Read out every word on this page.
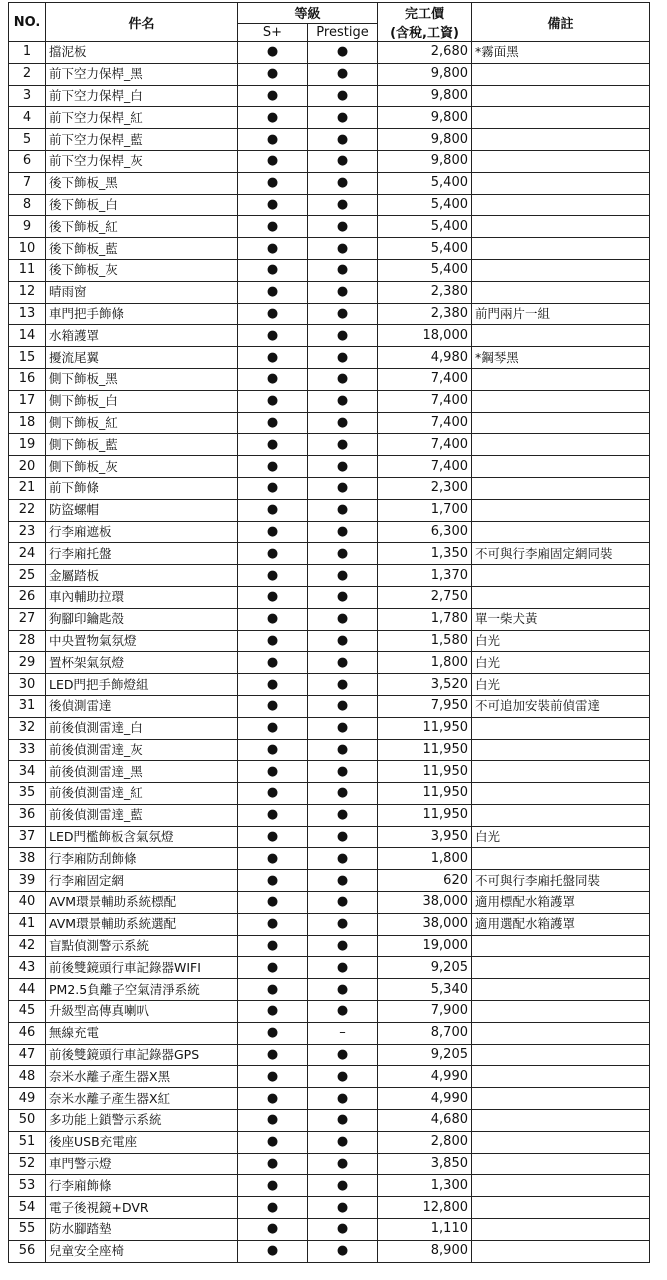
NO.	件名	等級		完工價
(含稅,工資)	備註
		S+	Prestige		
1	擋泥板	●	●	2,680	*霧面黑
2	前下空力保桿_黑	●	●	9,800	
3	前下空力保桿_白	●	●	9,800	
4	前下空力保桿_紅	●	●	9,800	
5	前下空力保桿_藍	●	●	9,800	
6	前下空力保桿_灰	●	●	9,800	
7	後下飾板_黑	●	●	5,400	
8	後下飾板_白	●	●	5,400	
9	後下飾板_紅	●	●	5,400	
10	後下飾板_藍	●	●	5,400	
11	後下飾板_灰	●	●	5,400	
12	晴雨窗	●	●	2,380	
13	車門把手飾條	●	●	2,380	前門兩片一組
14	水箱護罩	●	●	18,000	
15	擾流尾翼	●	●	4,980	*鋼琴黑
16	側下飾板_黑	●	●	7,400	
17	側下飾板_白	●	●	7,400	
18	側下飾板_紅	●	●	7,400	
19	側下飾板_藍	●	●	7,400	
20	側下飾板_灰	●	●	7,400	
21	前下飾條	●	●	2,300	
22	防盜螺帽	●	●	1,700	
23	行李廂遮板	●	●	6,300	
24	行李廂托盤	●	●	1,350	不可與行李廂固定網同裝
25	金屬踏板	●	●	1,370	
26	車內輔助拉環	●	●	2,750	
27	狗腳印鑰匙殼	●	●	1,780	單一柴犬黃
28	中央置物氣氛燈	●	●	1,580	白光
29	置杯架氣氛燈	●	●	1,800	白光
30	LED門把手飾燈組	●	●	3,520	白光
31	後偵測雷達	●	●	7,950	不可追加安裝前偵雷達
32	前後偵測雷達_白	●	●	11,950	
33	前後偵測雷達_灰	●	●	11,950	
34	前後偵測雷達_黑	●	●	11,950	
35	前後偵測雷達_紅	●	●	11,950	
36	前後偵測雷達_藍	●	●	11,950	
37	LED門檻飾板含氣氛燈	●	●	3,950	白光
38	行李廂防刮飾條	●	●	1,800	
39	行李廂固定網	●	●	620	不可與行李廂托盤同裝
40	AVM環景輔助系統標配	●	●	38,000	適用標配水箱護罩
41	AVM環景輔助系統選配	●	●	38,000	適用選配水箱護罩
42	盲點偵測警示系統	●	●	19,000	
43	前後雙鏡頭行車記錄器WIFI	●	●	9,205	
44	PM2.5負離子空氣清淨系統	●	●	5,340	
45	升級型高傳真喇叭	●	●	7,900	
46	無線充電	●	–	8,700	
47	前後雙鏡頭行車記錄器GPS	●	●	9,205	
48	奈米水離子產生器X黑	●	●	4,990	
49	奈米水離子產生器X紅	●	●	4,990	
50	多功能上鎖警示系統	●	●	4,680	
51	後座USB充電座	●	●	2,800	
52	車門警示燈	●	●	3,850	
53	行李廂飾條	●	●	1,300	
54	電子後視鏡+DVR	●	●	12,800	
55	防水腳踏墊	●	●	1,110	
56	兒童安全座椅	●	●	8,900	
